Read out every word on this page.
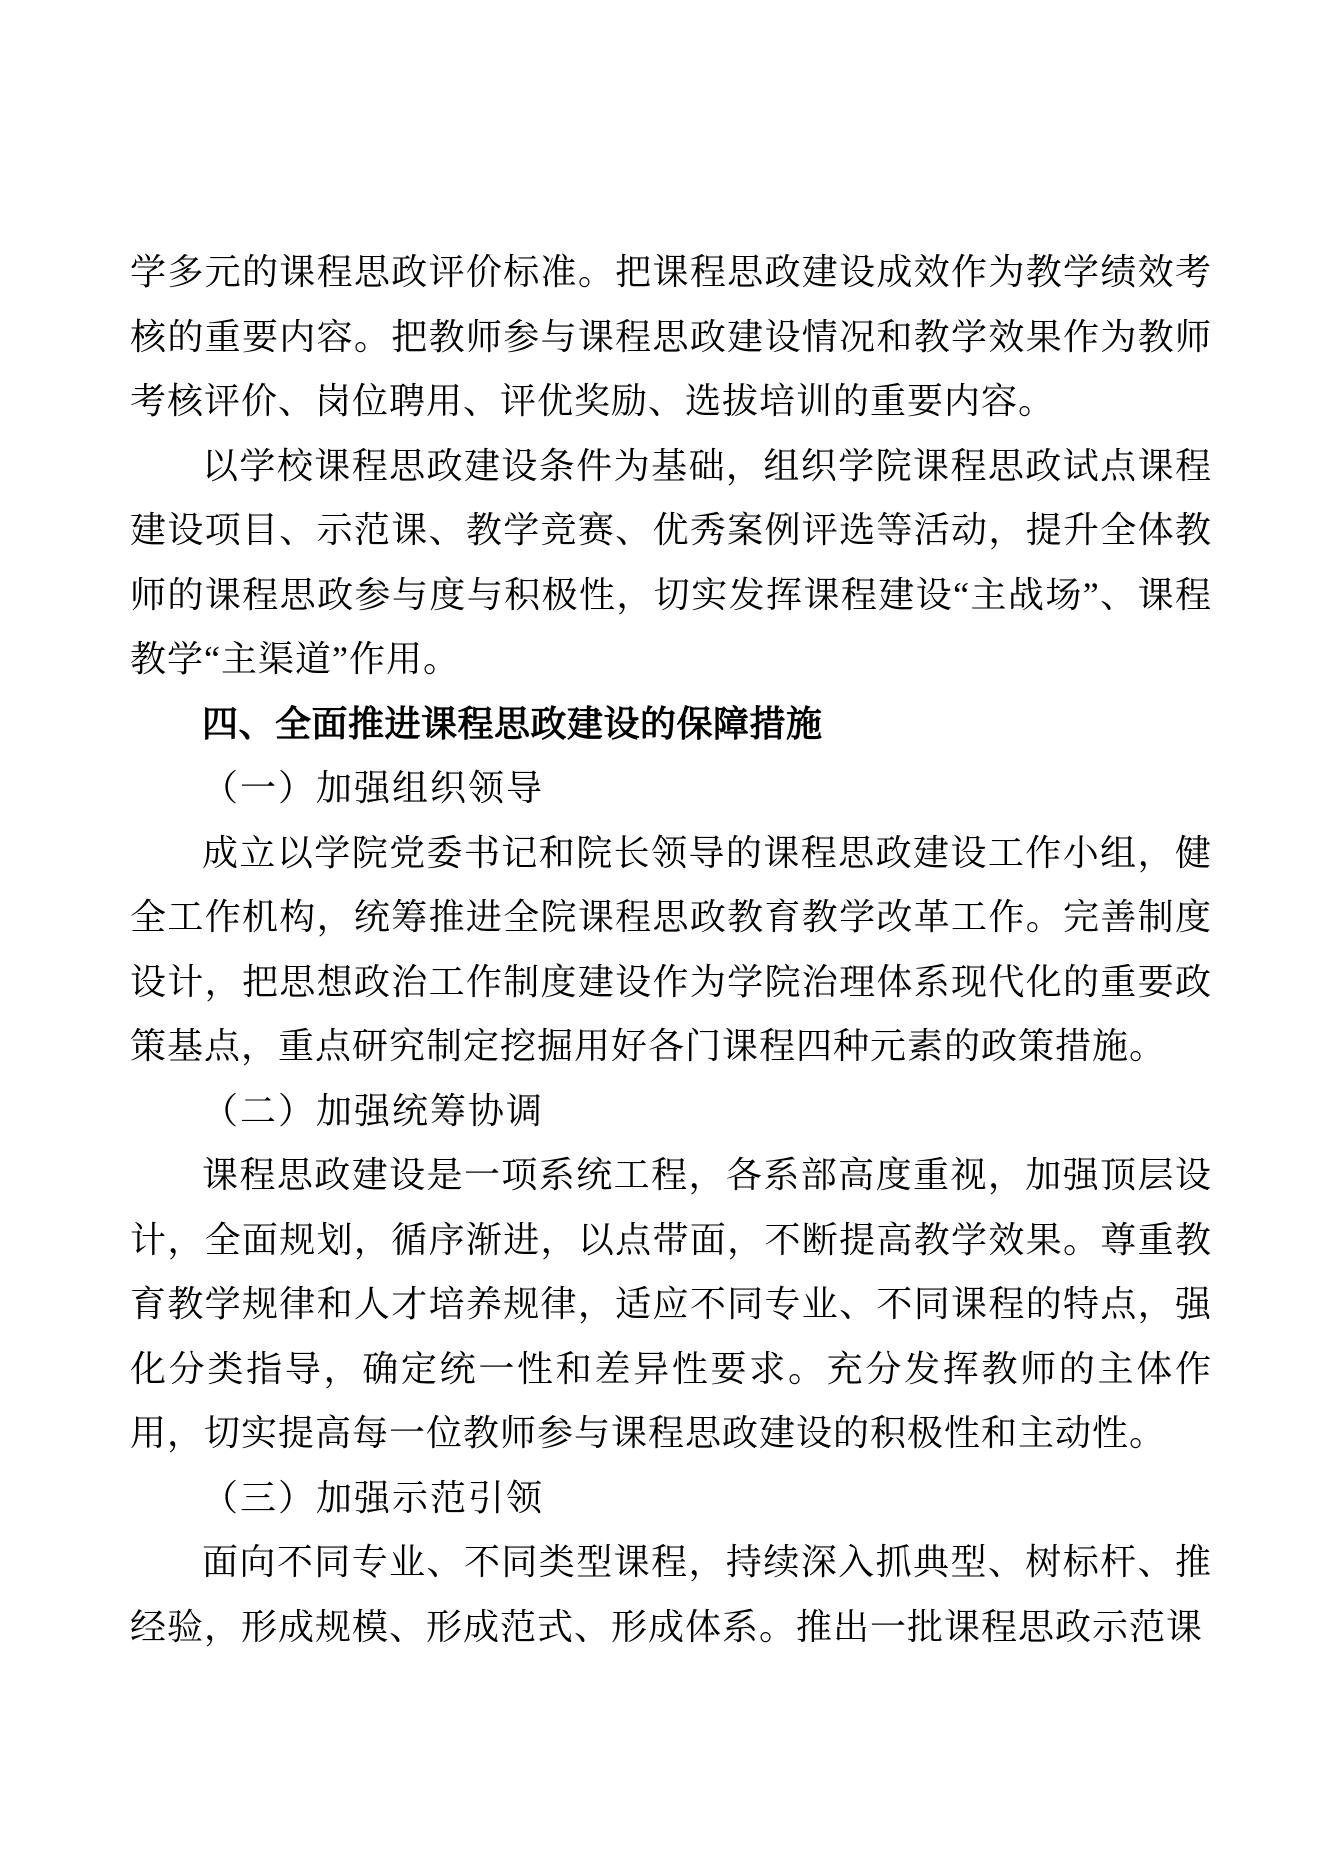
学多元的课程思政评价标准。把课程思政建设成效作为教学绩效考核的重要内容。把教师参与课程思政建设情况和教学效果作为教师考核评价、岗位聘用、评优奖励、选拔培训的重要内容。

以学校课程思政建设条件为基础，组织学院课程思政试点课程建设项目、示范课、教学竞赛、优秀案例评选等活动，提升全体教师的课程思政参与度与积极性，切实发挥课程建设“主战场”、课程教学“主渠道”作用。

四、全面推进课程思政建设的保障措施

（一）加强组织领导

成立以学院党委书记和院长领导的课程思政建设工作小组，健全工作机构，统筹推进全院课程思政教育教学改革工作。完善制度设计，把思想政治工作制度建设作为学院治理体系现代化的重要政策基点，重点研究制定挖掘用好各门课程四种元素的政策措施。

（二）加强统筹协调

课程思政建设是一项系统工程，各系部高度重视，加强顶层设计，全面规划，循序渐进，以点带面，不断提高教学效果。尊重教育教学规律和人才培养规律，适应不同专业、不同课程的特点，强化分类指导，确定统一性和差异性要求。充分发挥教师的主体作用，切实提高每一位教师参与课程思政建设的积极性和主动性。

（三）加强示范引领

面向不同专业、不同类型课程，持续深入抓典型、树标杆、推经验，形成规模、形成范式、形成体系。推出一批课程思政示范课
